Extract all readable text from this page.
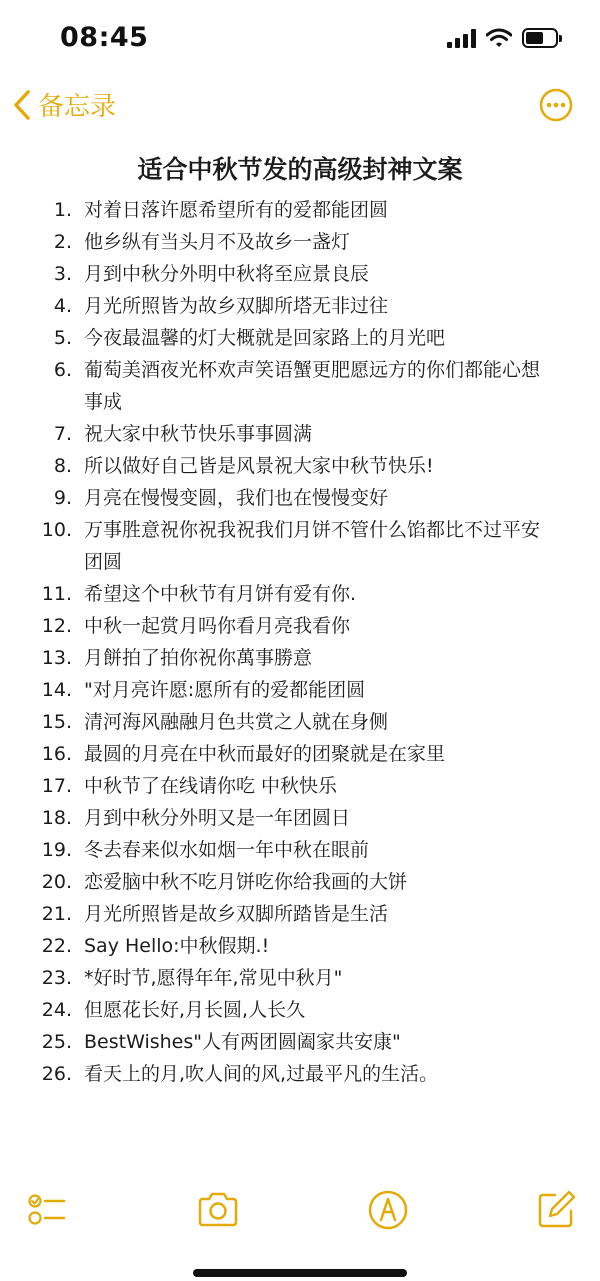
08:45
备忘录
适合中秋节发的高级封神文案
1. 对着日落许愿希望所有的爱都能团圆
2. 他乡纵有当头月不及故乡一盏灯
3. 月到中秋分外明中秋将至应景良辰
4. 月光所照皆为故乡双脚所塔无非过往
5. 今夜最温馨的灯大概就是回家路上的月光吧
6. 葡萄美酒夜光杯欢声笑语蟹更肥愿远方的你们都能心想事成
7. 祝大家中秋节快乐事事圆满
8. 所以做好自己皆是风景祝大家中秋节快乐!
9. 月亮在慢慢变圆，我们也在慢慢变好
10. 万事胜意祝你祝我祝我们月饼不管什么馅都比不过平安团圆
11. 希望这个中秋节有月饼有爱有你.
12. 中秋一起赏月吗你看月亮我看你
13. 月餅拍了拍你祝你萬事勝意
14. "对月亮许愿:愿所有的爱都能团圆
15. 清河海风融融月色共赏之人就在身侧
16. 最圆的月亮在中秋而最好的团聚就是在家里
17. 中秋节了在线请你吃 中秋快乐
18. 月到中秋分外明又是一年团圆日
19. 冬去春来似水如烟一年中秋在眼前
20. 恋爱脑中秋不吃月饼吃你给我画的大饼
21. 月光所照皆是故乡双脚所踏皆是生活
22. Say Hello:中秋假期.!
23. *好时节,愿得年年,常见中秋月"
24. 但愿花长好,月长圆,人长久
25. BestWishes"人有两团圆阖家共安康"
26. 看天上的月,吹人间的风,过最平凡的生活。
